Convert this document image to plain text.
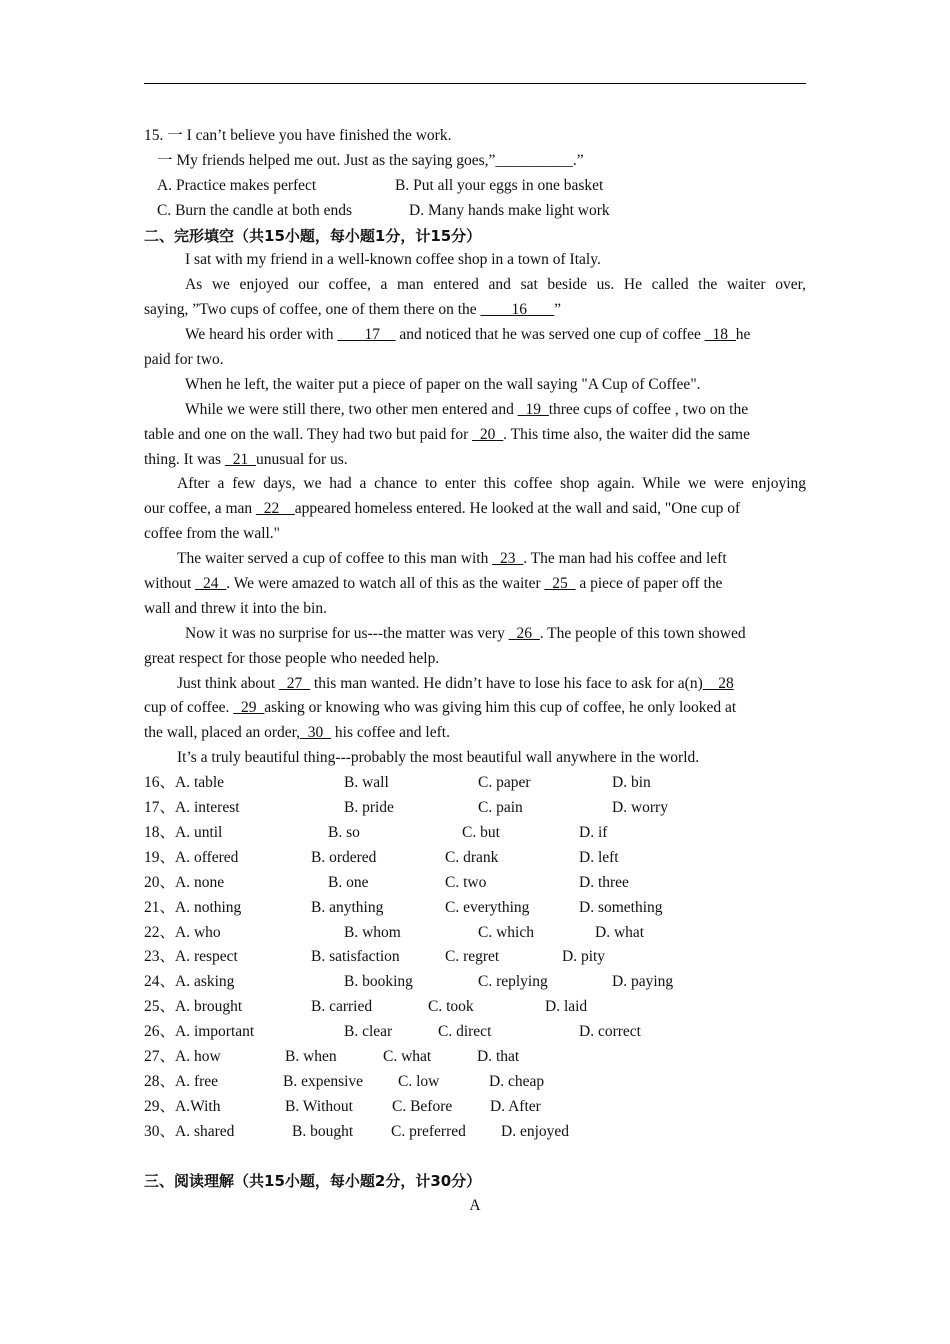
15. 一 I can’t believe you have finished the work.
一 My friends helped me out. Just as the saying goes,”__________.”
A. Practice makes perfect	B. Put all your eggs in one basket
C. Burn the candle at both ends	D. Many hands make light work
二、完形填空（共15小题，每小题1分，计15分）
I sat with my friend in a well-known coffee shop in a town of Italy.
As we enjoyed our coffee, a man entered and sat beside us. He called the waiter over,
saying, ”Two cups of coffee, one of them there on the ____16_ __”
We heard his order with __ _17__ and noticed that he was served one cup of coffee _18_he
paid for two.
When he left, the waiter put a piece of paper on the wall saying "A Cup of Coffee".
While we were still there, two other men entered and _19_three cups of coffee , two on the
table and one on the wall. They had two but paid for _20_. This time also, the waiter did the same
thing. It was _21_unusual for us.
After a few days, we had a chance to enter this coffee shop again. While we were enjoying
our coffee, a man _22__appeared homeless entered. He looked at the wall and said, "One cup of
coffee from the wall."
The waiter served a cup of coffee to this man with _23_. The man had his coffee and left
without _24_. We were amazed to watch all of this as the waiter _25_ a piece of paper off the
wall and threw it into the bin.
Now it was no surprise for us---the matter was very _26_. The people of this town showed
great respect for those people who needed help.
Just think about _27_ this man wanted. He didn’t have to lose his face to ask for a(n)__28
cup of coffee. _29_asking or knowing who was giving him this cup of coffee, he only looked at
the wall, placed an order,_30_ his coffee and left.
It’s a truly beautiful thing---probably the most beautiful wall anywhere in the world.
16、A. table	B. wall	C. paper	D. bin
17、A. interest	B. pride	C. pain	D. worry
18、A. until	B. so	C. but	D. if
19、A. offered	B. ordered	C. drank	D. left
20、A. none	B. one	C. two	D. three
21、A. nothing	B. anything	C. everything	D. something
22、A. who	B. whom	C. which	D. what
23、A. respect	B. satisfaction	C. regret	D. pity
24、A. asking	B. booking	C. replying	D. paying
25、A. brought	B. carried	C. took	D. laid
26、A. important	B. clear	C. direct	D. correct
27、A. how	B. when	C. what	D. that
28、A. free	B. expensive C. low	D. cheap
29、A.With	B. Without	C. Before D. After
30、A. shared	B. bought C. preferred D. enjoyed
三、阅读理解（共15小题，每小题2分，计30分）
A
